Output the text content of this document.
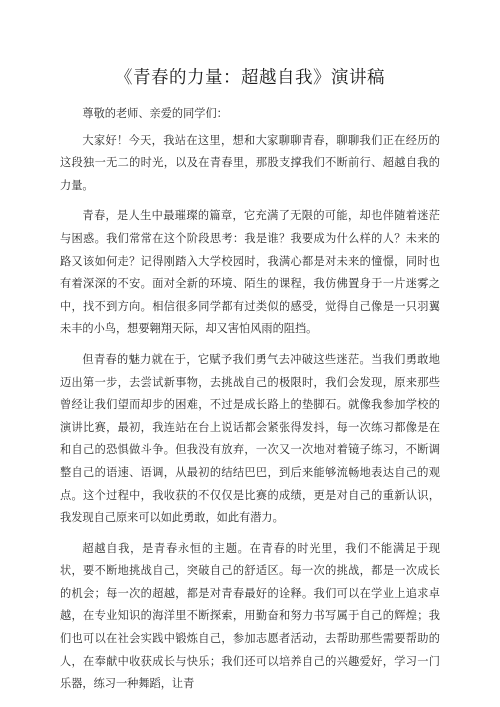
《青春的力量：超越自我》演讲稿

尊敬的老师、亲爱的同学们：

大家好！今天，我站在这里，想和大家聊聊青春，聊聊我们正在经历的这段独一无二的时光，以及在青春里，那股支撑我们不断前行、超越自我的力量。

青春，是人生中最璀璨的篇章，它充满了无限的可能，却也伴随着迷茫与困惑。我们常常在这个阶段思考：我是谁？我要成为什么样的人？未来的路又该如何走？记得刚踏入大学校园时，我满心都是对未来的憧憬，同时也有着深深的不安。面对全新的环境、陌生的课程，我仿佛置身于一片迷雾之中，找不到方向。相信很多同学都有过类似的感受，觉得自己像是一只羽翼未丰的小鸟，想要翱翔天际，却又害怕风雨的阻挡。

但青春的魅力就在于，它赋予我们勇气去冲破这些迷茫。当我们勇敢地迈出第一步，去尝试新事物，去挑战自己的极限时，我们会发现，原来那些曾经让我们望而却步的困难，不过是成长路上的垫脚石。就像我参加学校的演讲比赛，最初，我连站在台上说话都会紧张得发抖，每一次练习都像是在和自己的恐惧做斗争。但我没有放弃，一次又一次地对着镜子练习，不断调整自己的语速、语调，从最初的结结巴巴，到后来能够流畅地表达自己的观点。这个过程中，我收获的不仅仅是比赛的成绩，更是对自己的重新认识，我发现自己原来可以如此勇敢，如此有潜力。

超越自我，是青春永恒的主题。在青春的时光里，我们不能满足于现状，要不断地挑战自己，突破自己的舒适区。每一次的挑战，都是一次成长的机会；每一次的超越，都是对青春最好的诠释。我们可以在学业上追求卓越，在专业知识的海洋里不断探索，用勤奋和努力书写属于自己的辉煌；我们也可以在社会实践中锻炼自己，参加志愿者活动，去帮助那些需要帮助的人，在奉献中收获成长与快乐；我们还可以培养自己的兴趣爱好，学习一门乐器，练习一种舞蹈，让青
